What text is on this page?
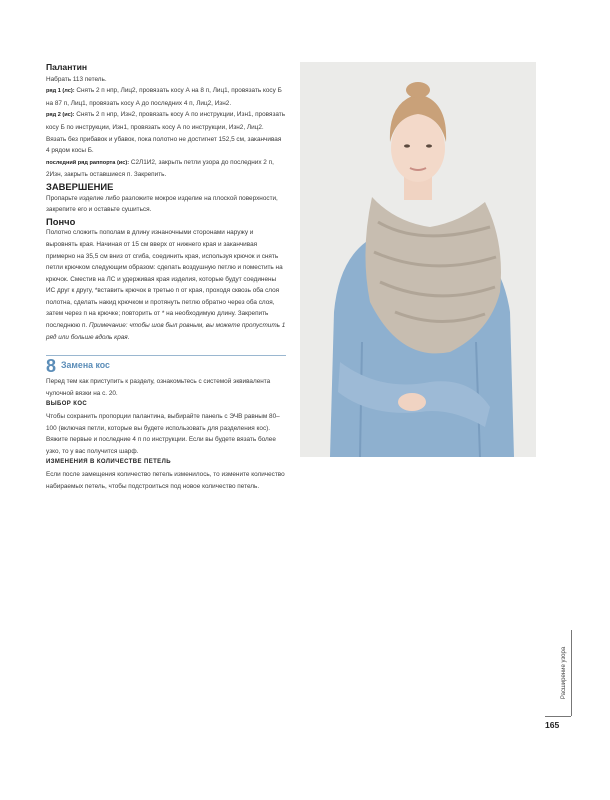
Палантин

Набрать 113 петель.

ряд 1 (лс): Снять 2 п нпр, Лиц2, провязать косу А на 8 п, Лиц1, провязать косу Б на 87 п, Лиц1, провязать косу А до последних 4 п, Лиц2, Изн2.

ряд 2 (ис): Снять 2 п нпр, Изн2, провязать косу А по инструкции, Изн1, провязать косу Б по инструкции, Изн1, провязать косу А по инструкции, Изн2, Лиц2.

Вязать без прибавок и убавок, пока полотно не достигнет 152,5 см, заканчивая 4 рядом косы Б.

последний ряд раппорта (ис): С2Л1И2, закрыть петли узора до последних 2 п, 2Изн, закрыть оставшиеся п. Закрепить.

ЗАВЕРШЕНИЕ

Пропарьте изделие либо разложите мокрое изделие на плоской поверхности, закрепите его и оставьте сушиться.

Пончо

Полотно сложить пополам в длину изнаночными сторонами наружу и выровнять края. Начиная от 15 см вверх от нижнего края и заканчивая примерно на 35,5 см вниз от сгиба, соединить края, используя крючок и снять петли крючком следующим образом: сделать воздушную петлю и поместить на крючок. Сместив на ЛС и удерживая края изделия, которые будут соединены ИС друг к другу, *вставить крючок в третью п от края, проходя сквозь оба слоя полотна, сделать накид крючком и протянуть петлю обратно через оба слоя, затем через п на крючке; повторить от * на необходимую длину. Закрепить последнюю п. Примечание: чтобы шов был ровным, вы можете пропустить 1 ряд или больше вдоль края.

8 Замена кос

Перед тем как приступить к разделу, ознакомьтесь с системой эквивалента чулочной вязки на с. 20.

ВЫБОР КОС

Чтобы сохранить пропорции палантина, выбирайте панель с ЭЧВ равным 80–100 (включая петли, которые вы будете использовать для разделения кос). Вяжите первые и последние 4 п по инструкции. Если вы будете вязать более узко, то у вас получится шарф.

ИЗМЕНЕНИЯ В КОЛИЧЕСТВЕ ПЕТЕЛЬ

Если после замещения количество петель изменилось, то измените количество набираемых петель, чтобы подстроиться под новое количество петель.

Расширение узора
165
